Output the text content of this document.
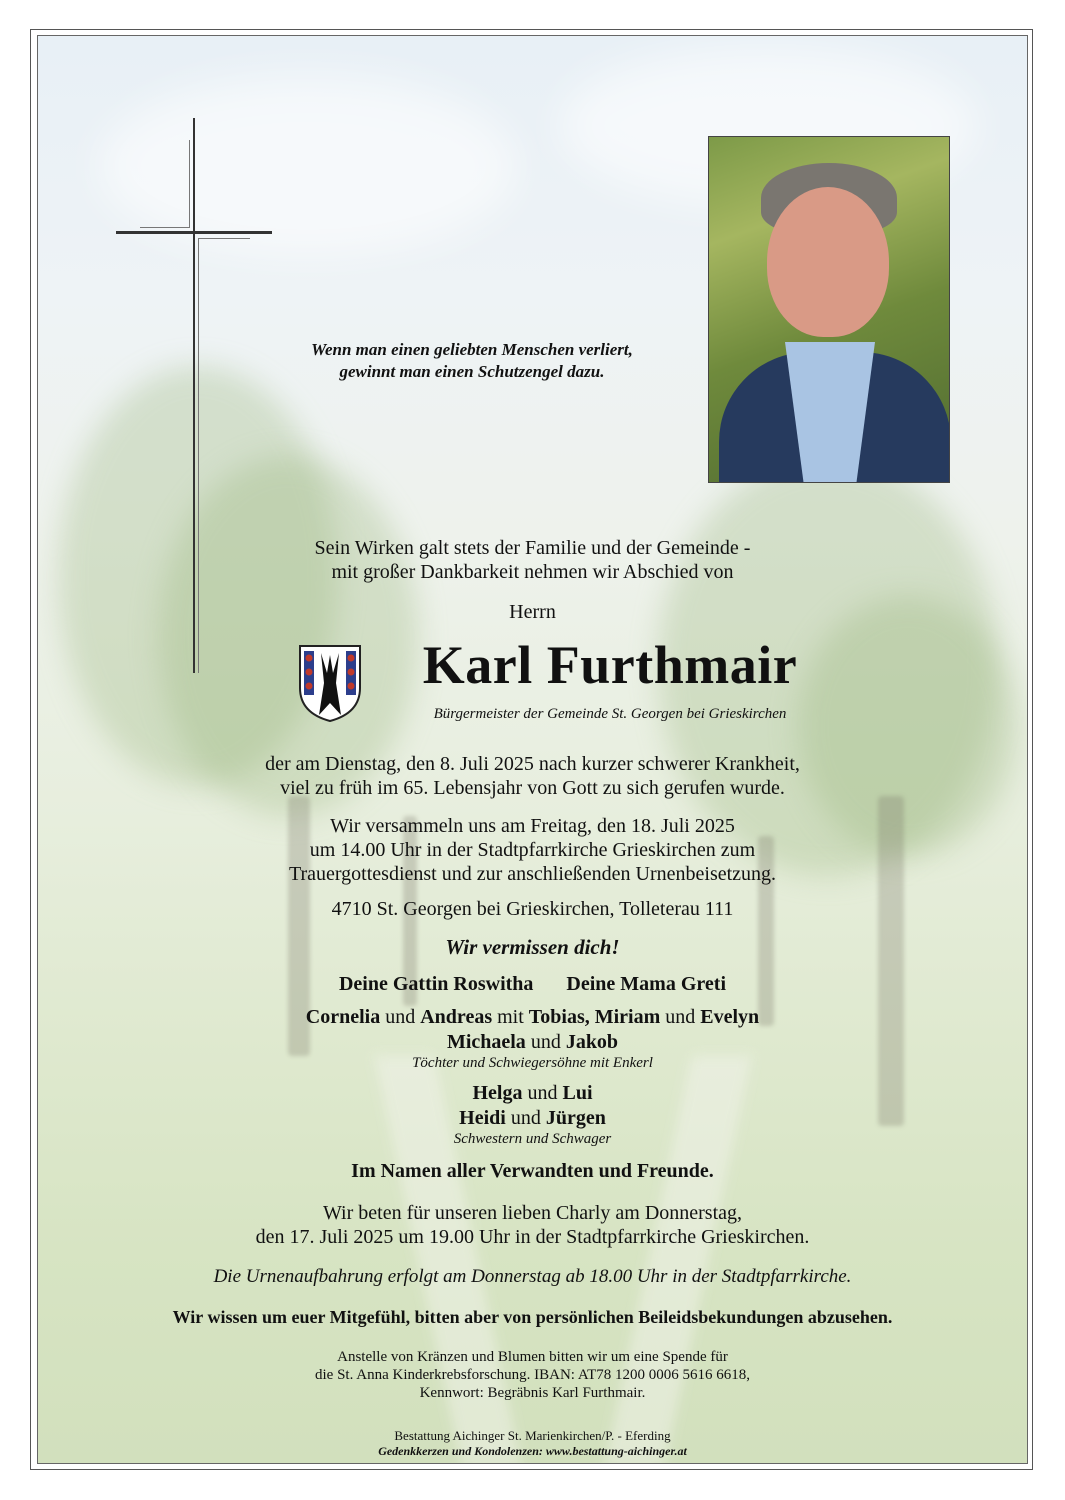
Wenn man einen geliebten Menschen verliert,
gewinnt man einen Schutzengel dazu.
Sein Wirken galt stets der Familie und der Gemeinde -
mit großer Dankbarkeit nehmen wir Abschied von
Herrn
Karl Furthmair
Bürgermeister der Gemeinde St. Georgen bei Grieskirchen
der am Dienstag, den 8. Juli 2025 nach kurzer schwerer Krankheit,
viel zu früh im 65. Lebensjahr von Gott zu sich gerufen wurde.
Wir versammeln uns am Freitag, den 18. Juli 2025
um 14.00 Uhr in der Stadtpfarrkirche Grieskirchen zum
Trauergottesdienst und zur anschließenden Urnenbeisetzung.
4710 St. Georgen bei Grieskirchen, Tolleterau 111
Wir vermissen dich!
Deine Gattin Roswitha Deine Mama Greti
Cornelia und Andreas mit Tobias, Miriam und Evelyn
Michaela und Jakob
Töchter und Schwiegersöhne mit Enkerl
Helga und Lui
Heidi und Jürgen
Schwestern und Schwager
Im Namen aller Verwandten und Freunde.
Wir beten für unseren lieben Charly am Donnerstag,
den 17. Juli 2025 um 19.00 Uhr in der Stadtpfarrkirche Grieskirchen.
Die Urnenaufbahrung erfolgt am Donnerstag ab 18.00 Uhr in der Stadtpfarrkirche.
Wir wissen um euer Mitgefühl, bitten aber von persönlichen Beileidsbekundungen abzusehen.
Anstelle von Kränzen und Blumen bitten wir um eine Spende für
die St. Anna Kinderkrebsforschung. IBAN: AT78 1200 0006 5616 6618,
Kennwort: Begräbnis Karl Furthmair.
Bestattung Aichinger St. Marienkirchen/P. - Eferding
Gedenkkerzen und Kondolenzen: www.bestattung-aichinger.at
